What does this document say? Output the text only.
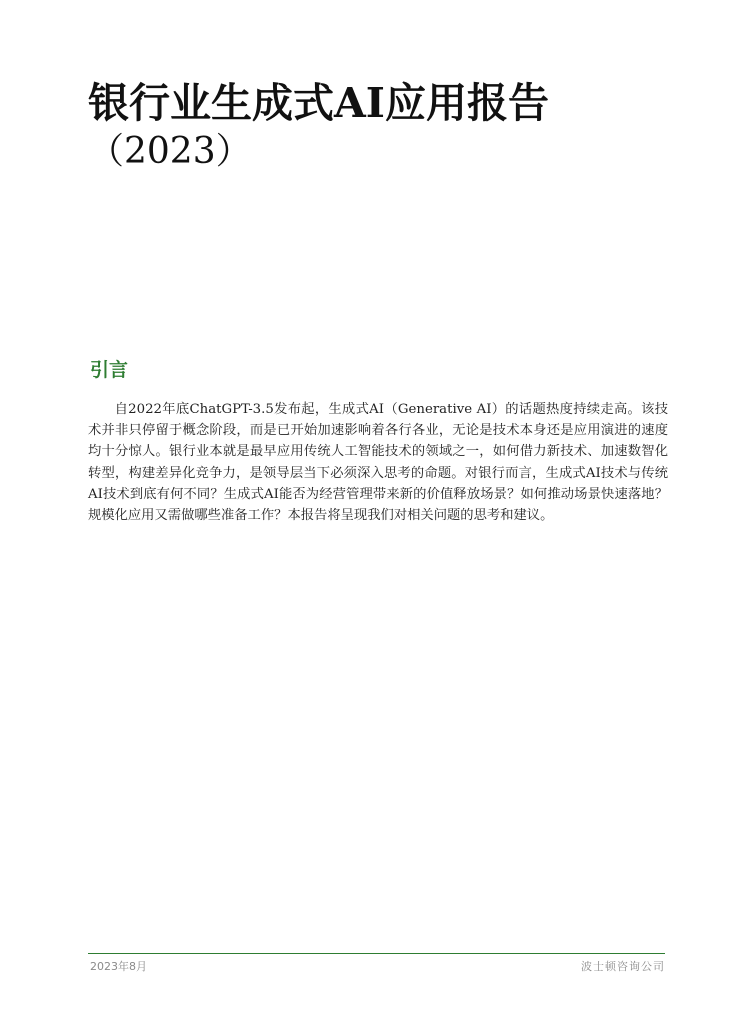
银行业生成式AI应用报告
（2023）
引言

自2022年底ChatGPT-3.5发布起，生成式AI（Generative AI）的话题热度持续走高。该技术并非只停留于概念阶段，而是已开始加速影响着各行各业，无论是技术本身还是应用演进的速度均十分惊人。银行业本就是最早应用传统人工智能技术的领域之一，如何借力新技术、加速数智化转型，构建差异化竞争力，是领导层当下必须深入思考的命题。对银行而言，生成式AI技术与传统AI技术到底有何不同？生成式AI能否为经营管理带来新的价值释放场景？如何推动场景快速落地？规模化应用又需做哪些准备工作？本报告将呈现我们对相关问题的思考和建议。

2023年8月	波士顿咨询公司
